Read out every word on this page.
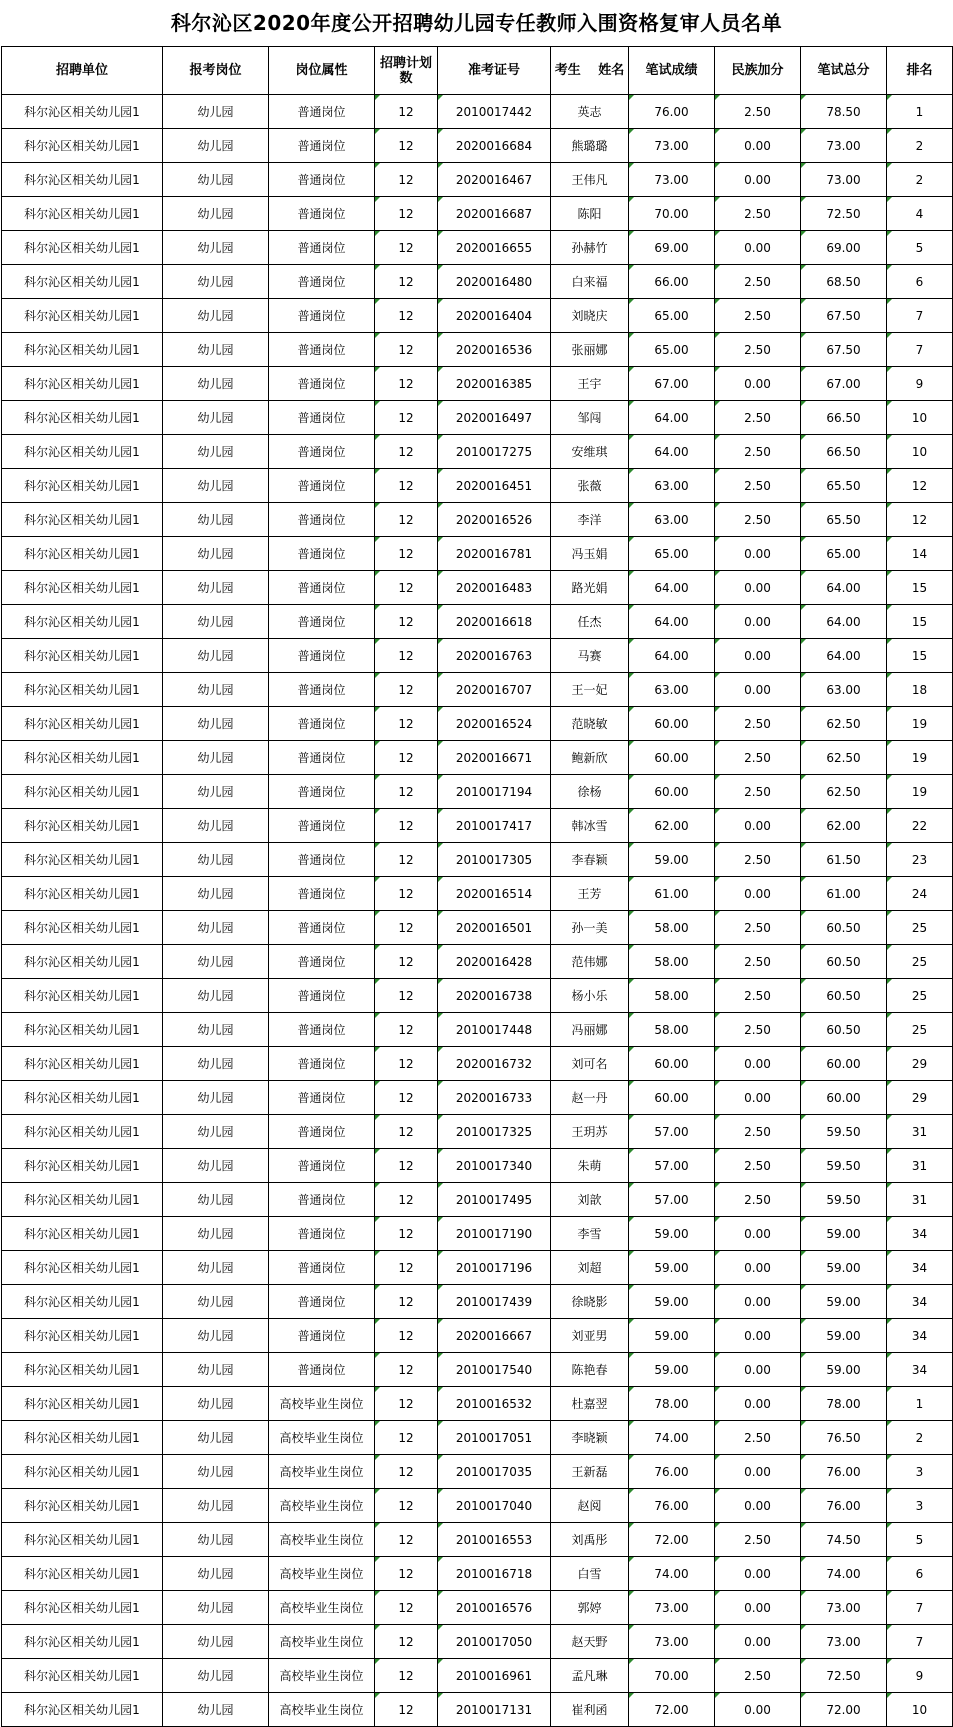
科尔沁区2020年度公开招聘幼儿园专任教师入围资格复审人员名单
招聘单位	报考岗位	岗位属性	招聘计划数	准考证号	考生　 姓名	笔试成绩	民族加分	笔试总分	排名
科尔沁区相关幼儿园1	幼儿园	普通岗位	12	2010017442	英志	76.00	2.50	78.50	1
科尔沁区相关幼儿园1	幼儿园	普通岗位	12	2020016684	熊璐璐	73.00	0.00	73.00	2
科尔沁区相关幼儿园1	幼儿园	普通岗位	12	2020016467	王伟凡	73.00	0.00	73.00	2
科尔沁区相关幼儿园1	幼儿园	普通岗位	12	2020016687	陈阳	70.00	2.50	72.50	4
科尔沁区相关幼儿园1	幼儿园	普通岗位	12	2020016655	孙赫竹	69.00	0.00	69.00	5
科尔沁区相关幼儿园1	幼儿园	普通岗位	12	2020016480	白来福	66.00	2.50	68.50	6
科尔沁区相关幼儿园1	幼儿园	普通岗位	12	2020016404	刘晓庆	65.00	2.50	67.50	7
科尔沁区相关幼儿园1	幼儿园	普通岗位	12	2020016536	张丽娜	65.00	2.50	67.50	7
科尔沁区相关幼儿园1	幼儿园	普通岗位	12	2020016385	王宇	67.00	0.00	67.00	9
科尔沁区相关幼儿园1	幼儿园	普通岗位	12	2020016497	邹闯	64.00	2.50	66.50	10
科尔沁区相关幼儿园1	幼儿园	普通岗位	12	2010017275	安维琪	64.00	2.50	66.50	10
科尔沁区相关幼儿园1	幼儿园	普通岗位	12	2020016451	张薇	63.00	2.50	65.50	12
科尔沁区相关幼儿园1	幼儿园	普通岗位	12	2020016526	李洋	63.00	2.50	65.50	12
科尔沁区相关幼儿园1	幼儿园	普通岗位	12	2020016781	冯玉娟	65.00	0.00	65.00	14
科尔沁区相关幼儿园1	幼儿园	普通岗位	12	2020016483	路光娟	64.00	0.00	64.00	15
科尔沁区相关幼儿园1	幼儿园	普通岗位	12	2020016618	任杰	64.00	0.00	64.00	15
科尔沁区相关幼儿园1	幼儿园	普通岗位	12	2020016763	马赛	64.00	0.00	64.00	15
科尔沁区相关幼儿园1	幼儿园	普通岗位	12	2020016707	王一妃	63.00	0.00	63.00	18
科尔沁区相关幼儿园1	幼儿园	普通岗位	12	2020016524	范晓敏	60.00	2.50	62.50	19
科尔沁区相关幼儿园1	幼儿园	普通岗位	12	2020016671	鲍新欣	60.00	2.50	62.50	19
科尔沁区相关幼儿园1	幼儿园	普通岗位	12	2010017194	徐杨	60.00	2.50	62.50	19
科尔沁区相关幼儿园1	幼儿园	普通岗位	12	2010017417	韩冰雪	62.00	0.00	62.00	22
科尔沁区相关幼儿园1	幼儿园	普通岗位	12	2010017305	李春颖	59.00	2.50	61.50	23
科尔沁区相关幼儿园1	幼儿园	普通岗位	12	2020016514	王芳	61.00	0.00	61.00	24
科尔沁区相关幼儿园1	幼儿园	普通岗位	12	2020016501	孙一美	58.00	2.50	60.50	25
科尔沁区相关幼儿园1	幼儿园	普通岗位	12	2020016428	范伟娜	58.00	2.50	60.50	25
科尔沁区相关幼儿园1	幼儿园	普通岗位	12	2020016738	杨小乐	58.00	2.50	60.50	25
科尔沁区相关幼儿园1	幼儿园	普通岗位	12	2010017448	冯丽娜	58.00	2.50	60.50	25
科尔沁区相关幼儿园1	幼儿园	普通岗位	12	2020016732	刘可名	60.00	0.00	60.00	29
科尔沁区相关幼儿园1	幼儿园	普通岗位	12	2020016733	赵一丹	60.00	0.00	60.00	29
科尔沁区相关幼儿园1	幼儿园	普通岗位	12	2010017325	王玥苏	57.00	2.50	59.50	31
科尔沁区相关幼儿园1	幼儿园	普通岗位	12	2010017340	朱萌	57.00	2.50	59.50	31
科尔沁区相关幼儿园1	幼儿园	普通岗位	12	2010017495	刘歆	57.00	2.50	59.50	31
科尔沁区相关幼儿园1	幼儿园	普通岗位	12	2010017190	李雪	59.00	0.00	59.00	34
科尔沁区相关幼儿园1	幼儿园	普通岗位	12	2010017196	刘超	59.00	0.00	59.00	34
科尔沁区相关幼儿园1	幼儿园	普通岗位	12	2010017439	徐晓影	59.00	0.00	59.00	34
科尔沁区相关幼儿园1	幼儿园	普通岗位	12	2020016667	刘亚男	59.00	0.00	59.00	34
科尔沁区相关幼儿园1	幼儿园	普通岗位	12	2010017540	陈艳春	59.00	0.00	59.00	34
科尔沁区相关幼儿园1	幼儿园	高校毕业生岗位	12	2010016532	杜嘉翌	78.00	0.00	78.00	1
科尔沁区相关幼儿园1	幼儿园	高校毕业生岗位	12	2010017051	李晓颖	74.00	2.50	76.50	2
科尔沁区相关幼儿园1	幼儿园	高校毕业生岗位	12	2010017035	王新磊	76.00	0.00	76.00	3
科尔沁区相关幼儿园1	幼儿园	高校毕业生岗位	12	2010017040	赵阅	76.00	0.00	76.00	3
科尔沁区相关幼儿园1	幼儿园	高校毕业生岗位	12	2010016553	刘禹彤	72.00	2.50	74.50	5
科尔沁区相关幼儿园1	幼儿园	高校毕业生岗位	12	2010016718	白雪	74.00	0.00	74.00	6
科尔沁区相关幼儿园1	幼儿园	高校毕业生岗位	12	2010016576	郭婷	73.00	0.00	73.00	7
科尔沁区相关幼儿园1	幼儿园	高校毕业生岗位	12	2010017050	赵天野	73.00	0.00	73.00	7
科尔沁区相关幼儿园1	幼儿园	高校毕业生岗位	12	2010016961	孟凡琳	70.00	2.50	72.50	9
科尔沁区相关幼儿园1	幼儿园	高校毕业生岗位	12	2010017131	崔利函	72.00	0.00	72.00	10
